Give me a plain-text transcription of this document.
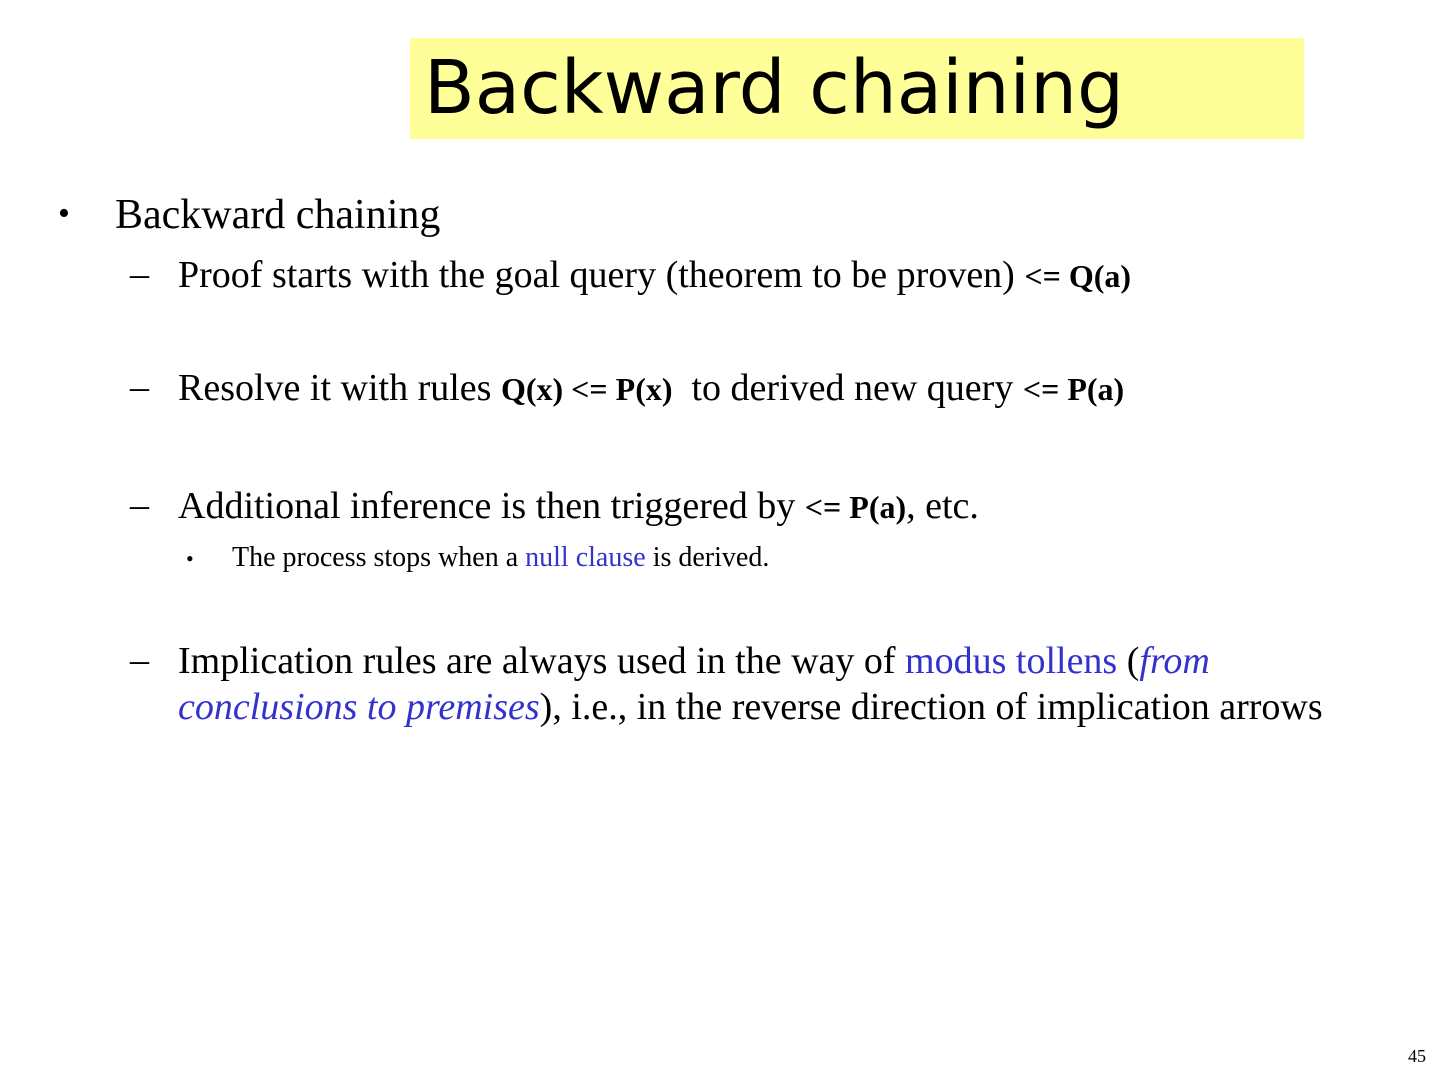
Backward chaining
• Backward chaining
– Proof starts with the goal query (theorem to be proven) <= Q(a)
– Resolve it with rules Q(x) <= P(x)  to derived new query <= P(a)
– Additional inference is then triggered by <= P(a), etc.
• The process stops when a null clause is derived.
– Implication rules are always used in the way of modus tollens (from conclusions to premises), i.e., in the reverse direction of implication arrows
45
